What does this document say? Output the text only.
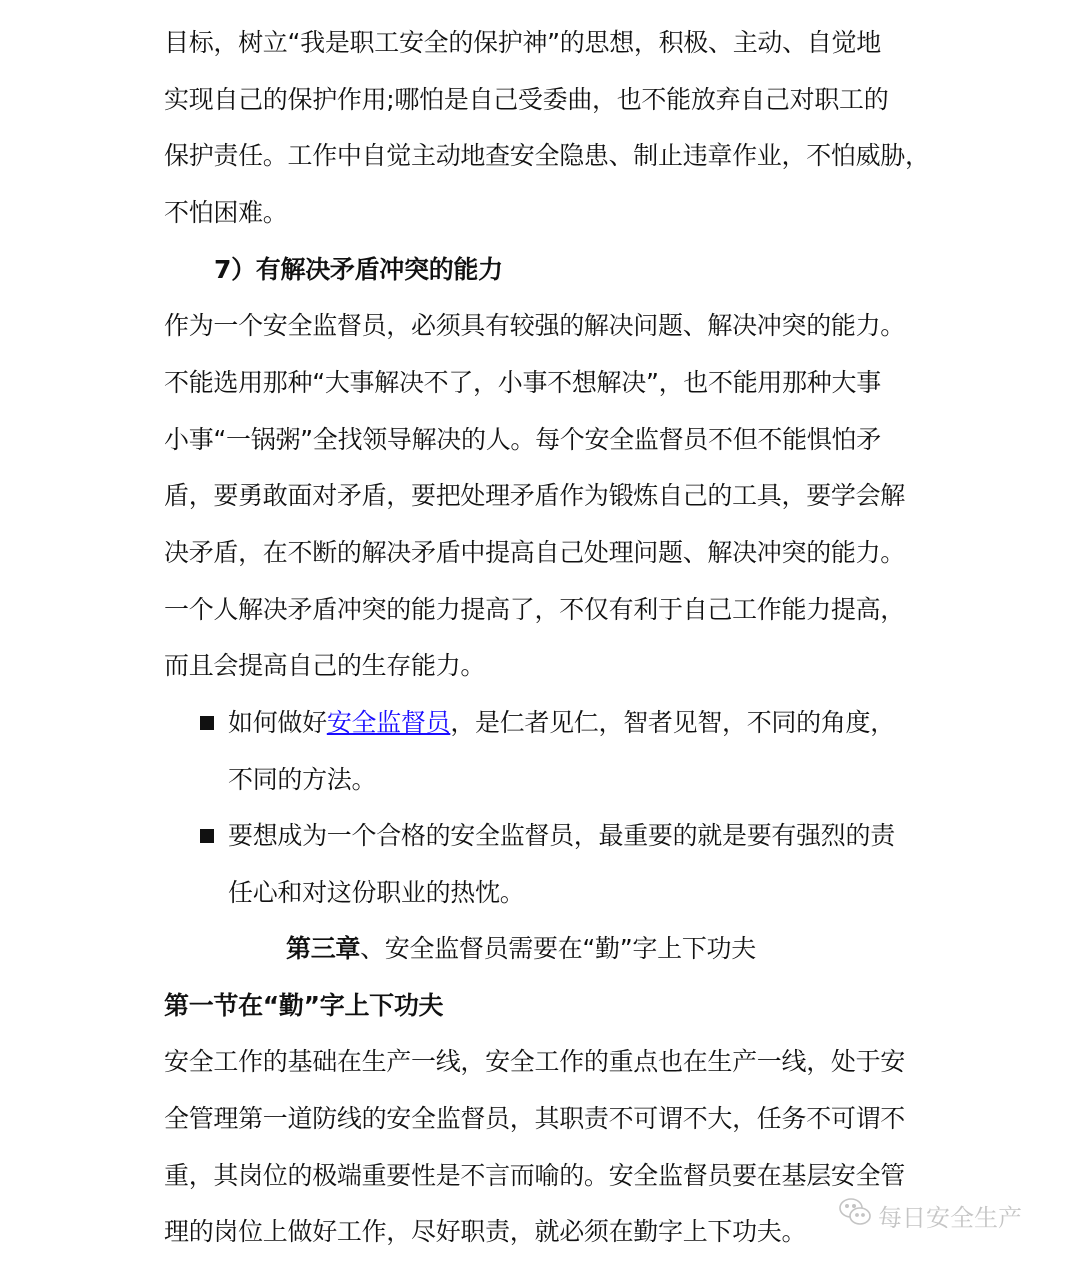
目标，树立“我是职工安全的保护神”的思想，积极、主动、自觉地
实现自己的保护作用;哪怕是自己受委曲，也不能放弃自己对职工的
保护责任。工作中自觉主动地查安全隐患、制止违章作业，不怕威胁，
不怕困难。
7）有解决矛盾冲突的能力
作为一个安全监督员，必须具有较强的解决问题、解决冲突的能力。
不能选用那种“大事解决不了，小事不想解决”，也不能用那种大事
小事“一锅粥”全找领导解决的人。每个安全监督员不但不能惧怕矛
盾，要勇敢面对矛盾，要把处理矛盾作为锻炼自己的工具，要学会解
决矛盾，在不断的解决矛盾中提高自己处理问题、解决冲突的能力。
一个人解决矛盾冲突的能力提高了，不仅有利于自己工作能力提高，
而且会提高自己的生存能力。
如何做好安全监督员，是仁者见仁，智者见智，不同的角度，
不同的方法。
要想成为一个合格的安全监督员，最重要的就是要有强烈的责
任心和对这份职业的热忱。
第三章、安全监督员需要在“勤”字上下功夫
第一节在“勤”字上下功夫
安全工作的基础在生产一线，安全工作的重点也在生产一线，处于安
全管理第一道防线的安全监督员，其职责不可谓不大，任务不可谓不
重，其岗位的极端重要性是不言而喻的。安全监督员要在基层安全管
理的岗位上做好工作，尽好职责，就必须在勤字上下功夫。	每日安全生产
